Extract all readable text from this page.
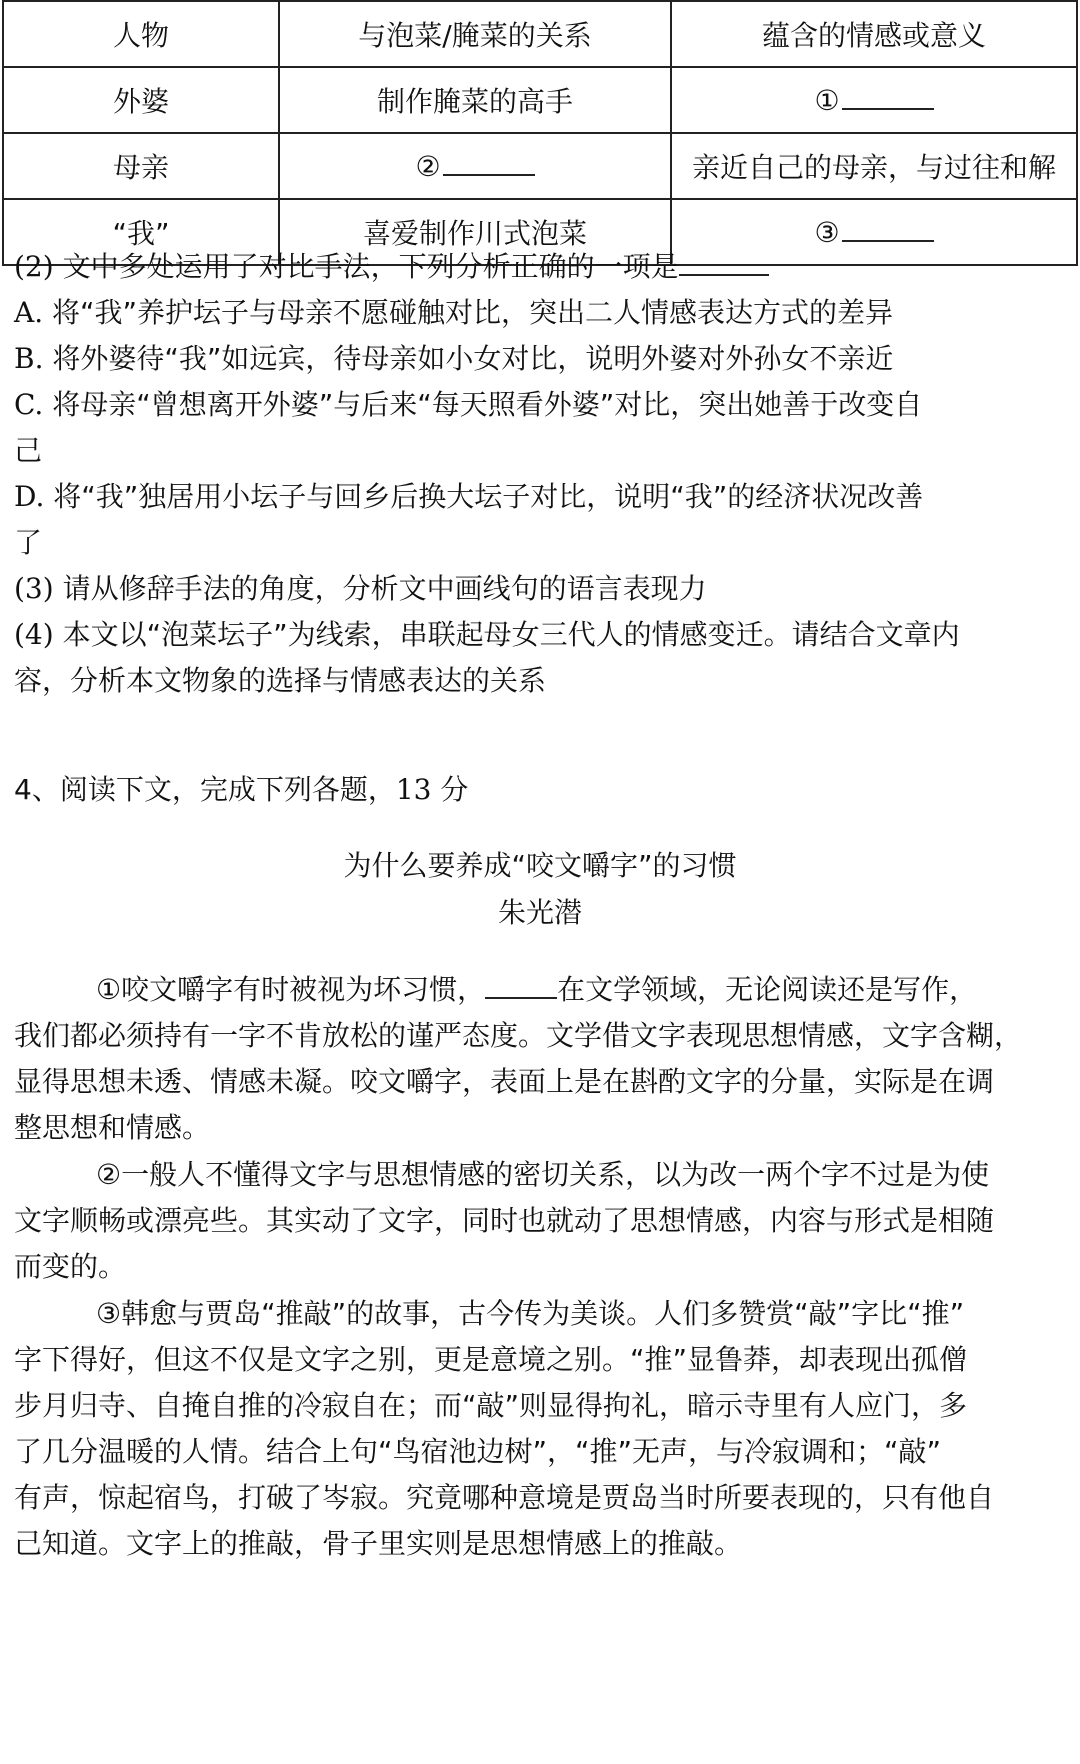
人物	与泡菜/腌菜的关系	蕴含的情感或意义
外婆	制作腌菜的高手	①
母亲	②	亲近自己的母亲，与过往和解
“我”	喜爱制作川式泡菜	③
(2) 文中多处运用了对比手法，下列分析正确的一项是
A. 将“我”养护坛子与母亲不愿碰触对比，突出二人情感表达方式的差异
B. 将外婆待“我”如远宾，待母亲如小女对比，说明外婆对外孙女不亲近
C. 将母亲“曾想离开外婆”与后来“每天照看外婆”对比，突出她善于改变自
己
D. 将“我”独居用小坛子与回乡后换大坛子对比，说明“我”的经济状况改善
了
(3) 请从修辞手法的角度，分析文中画线句的语言表现力
(4) 本文以“泡菜坛子”为线索，串联起母女三代人的情感变迁。请结合文章内
容，分析本文物象的选择与情感表达的关系
4、阅读下文，完成下列各题，13 分
为什么要养成“咬文嚼字”的习惯
朱光潜
①咬文嚼字有时被视为坏习惯，	在文学领域，无论阅读还是写作，
我们都必须持有一字不肯放松的谨严态度。文学借文字表现思想情感，文字含糊，
显得思想未透、情感未凝。咬文嚼字，表面上是在斟酌文字的分量，实际是在调
整思想和情感。
②一般人不懂得文字与思想情感的密切关系，以为改一两个字不过是为使
文字顺畅或漂亮些。其实动了文字，同时也就动了思想情感，内容与形式是相随
而变的。
③韩愈与贾岛“推敲”的故事，古今传为美谈。人们多赞赏“敲”字比“推”
字下得好，但这不仅是文字之别，更是意境之别。“推”显鲁莽，却表现出孤僧
步月归寺、自掩自推的冷寂自在；而“敲”则显得拘礼，暗示寺里有人应门，多
了几分温暖的人情。结合上句“鸟宿池边树”，“推”无声，与冷寂调和；“敲”
有声，惊起宿鸟，打破了岑寂。究竟哪种意境是贾岛当时所要表现的，只有他自
己知道。文字上的推敲，骨子里实则是思想情感上的推敲。
